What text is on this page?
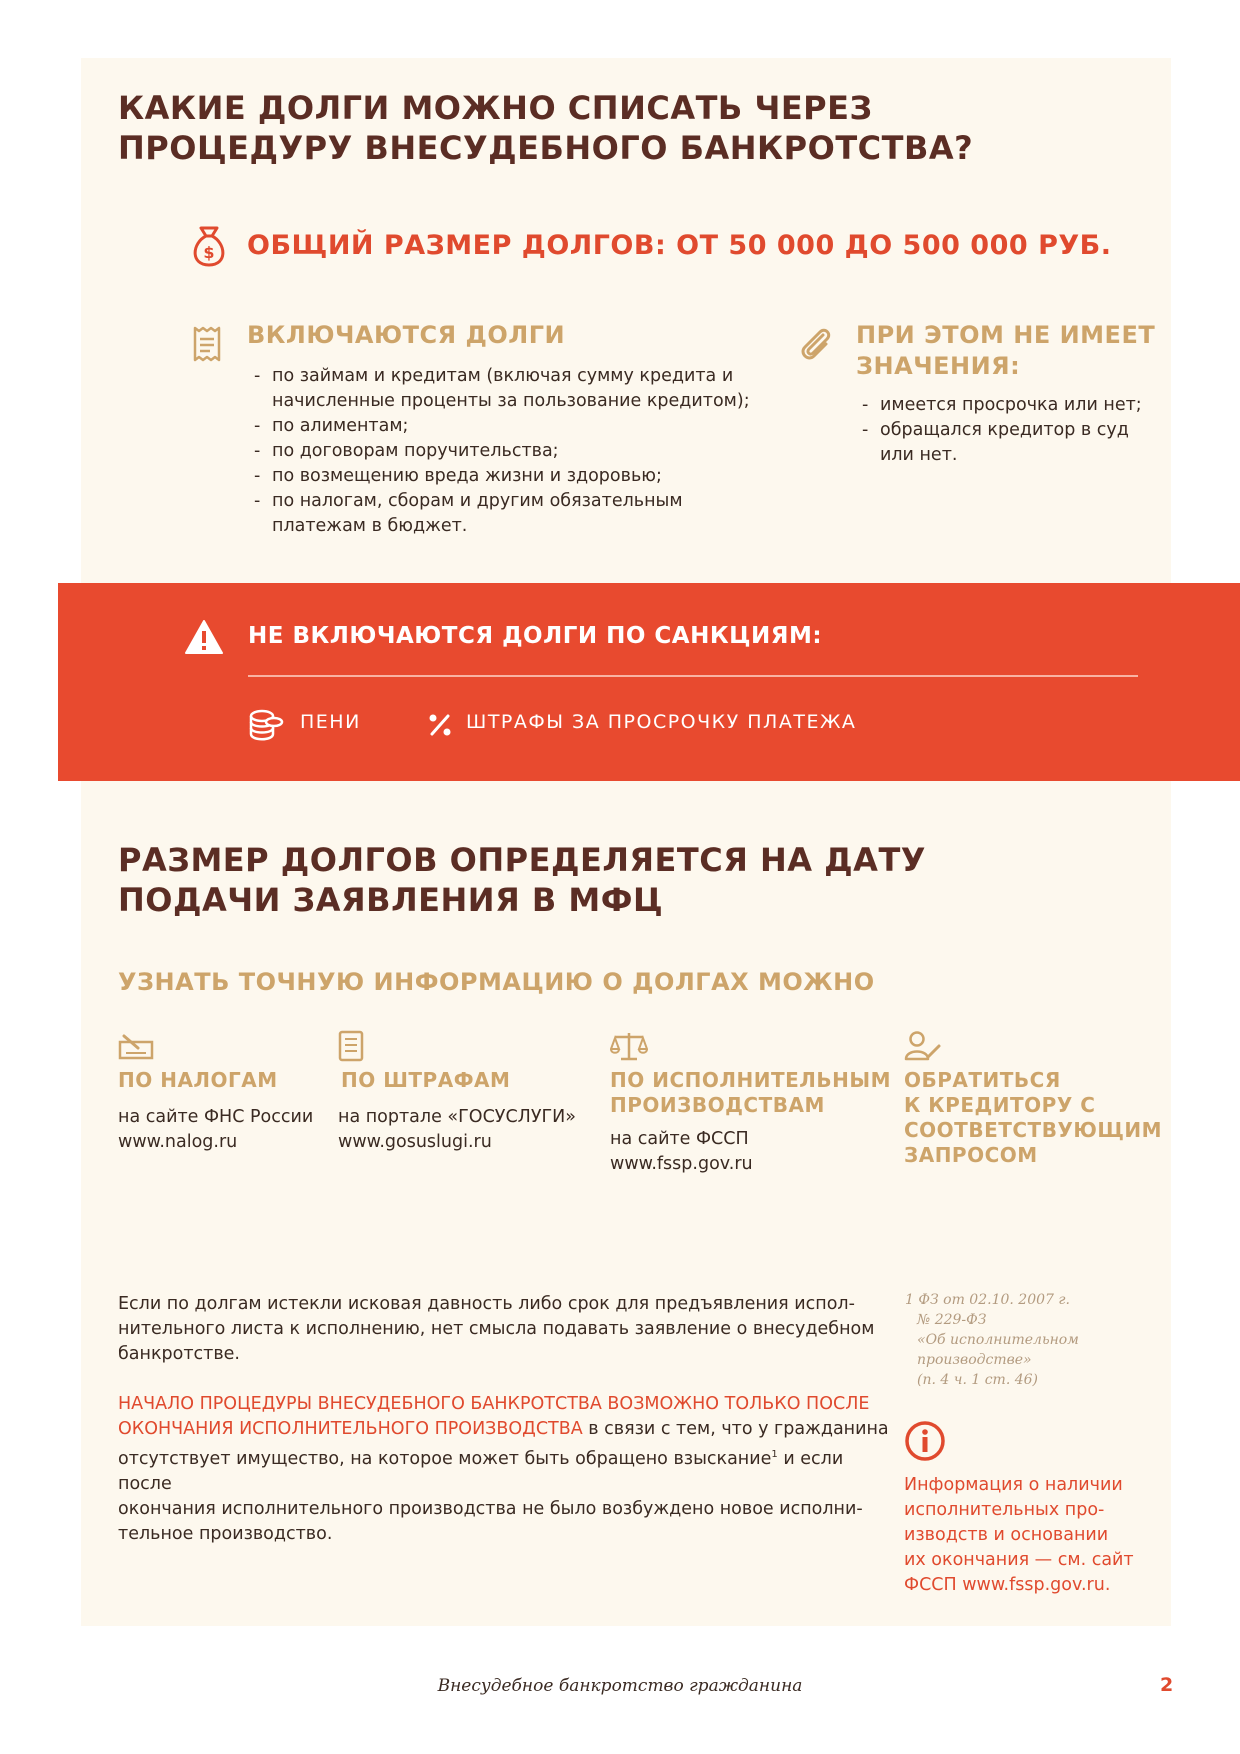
КАКИЕ ДОЛГИ МОЖНО СПИСАТЬ ЧЕРЕЗ
ПРОЦЕДУРУ ВНЕСУДЕБНОГО БАНКРОТСТВА?
$ ОБЩИЙ РАЗМЕР ДОЛГОВ: ОТ 50 000 ДО 500 000 РУБ.
ВКЛЮЧАЮТСЯ ДОЛГИ
- по займам и кредитам (включая сумму кредита и начисленные проценты за пользование кредитом);
- по алиментам;
- по договорам поручительства;
- по возмещению вреда жизни и здоровью;
- по налогам, сборам и другим обязательным платежам в бюджет.
ПРИ ЭТОМ НЕ ИМЕЕТ
ЗНАЧЕНИЯ:
- имеется просрочка или нет;
- обращался кредитор в суд или нет.
НЕ ВКЛЮЧАЮТСЯ ДОЛГИ ПО САНКЦИЯМ:
ПЕНИ	ШТРАФЫ ЗА ПРОСРОЧКУ ПЛАТЕЖА
РАЗМЕР ДОЛГОВ ОПРЕДЕЛЯЕТСЯ НА ДАТУ
ПОДАЧИ ЗАЯВЛЕНИЯ В МФЦ
УЗНАТЬ ТОЧНУЮ ИНФОРМАЦИЮ О ДОЛГАХ МОЖНО
ПО НАЛОГАМ
на сайте ФНС России
www.nalog.ru
ПО ШТРАФАМ
на портале «ГОСУСЛУГИ»
www.gosuslugi.ru
ПО ИСПОЛНИТЕЛЬНЫМ
ПРОИЗВОДСТВАМ
на сайте ФССП
www.fssp.gov.ru
ОБРАТИТЬСЯ
К КРЕДИТОРУ С
СООТВЕТСТВУЮЩИМ
ЗАПРОСОМ
Если по долгам истекли исковая давность либо срок для предъявления испол-
нительного листа к исполнению, нет смысла подавать заявление о внесудебном
банкротстве.
НАЧАЛО ПРОЦЕДУРЫ ВНЕСУДЕБНОГО БАНКРОТСТВА ВОЗМОЖНО ТОЛЬКО ПОСЛЕ
ОКОНЧАНИЯ ИСПОЛНИТЕЛЬНОГО ПРОИЗВОДСТВА в связи с тем, что у гражданина
отсутствует имущество, на которое может быть обращено взыскание$^1$ и если после
окончания исполнительного производства не было возбуждено новое исполни-
тельное производство.
1 ФЗ от 02.10. 2007 г.
№ 229-ФЗ
«Об исполнительном
производстве»
(п. 4 ч. 1 ст. 46)
Информация о наличии
исполнительных про-
изводств и основании
их окончания — см. сайт
ФССП www.fssp.gov.ru.
Внесудебное банкротство гражданина	2
